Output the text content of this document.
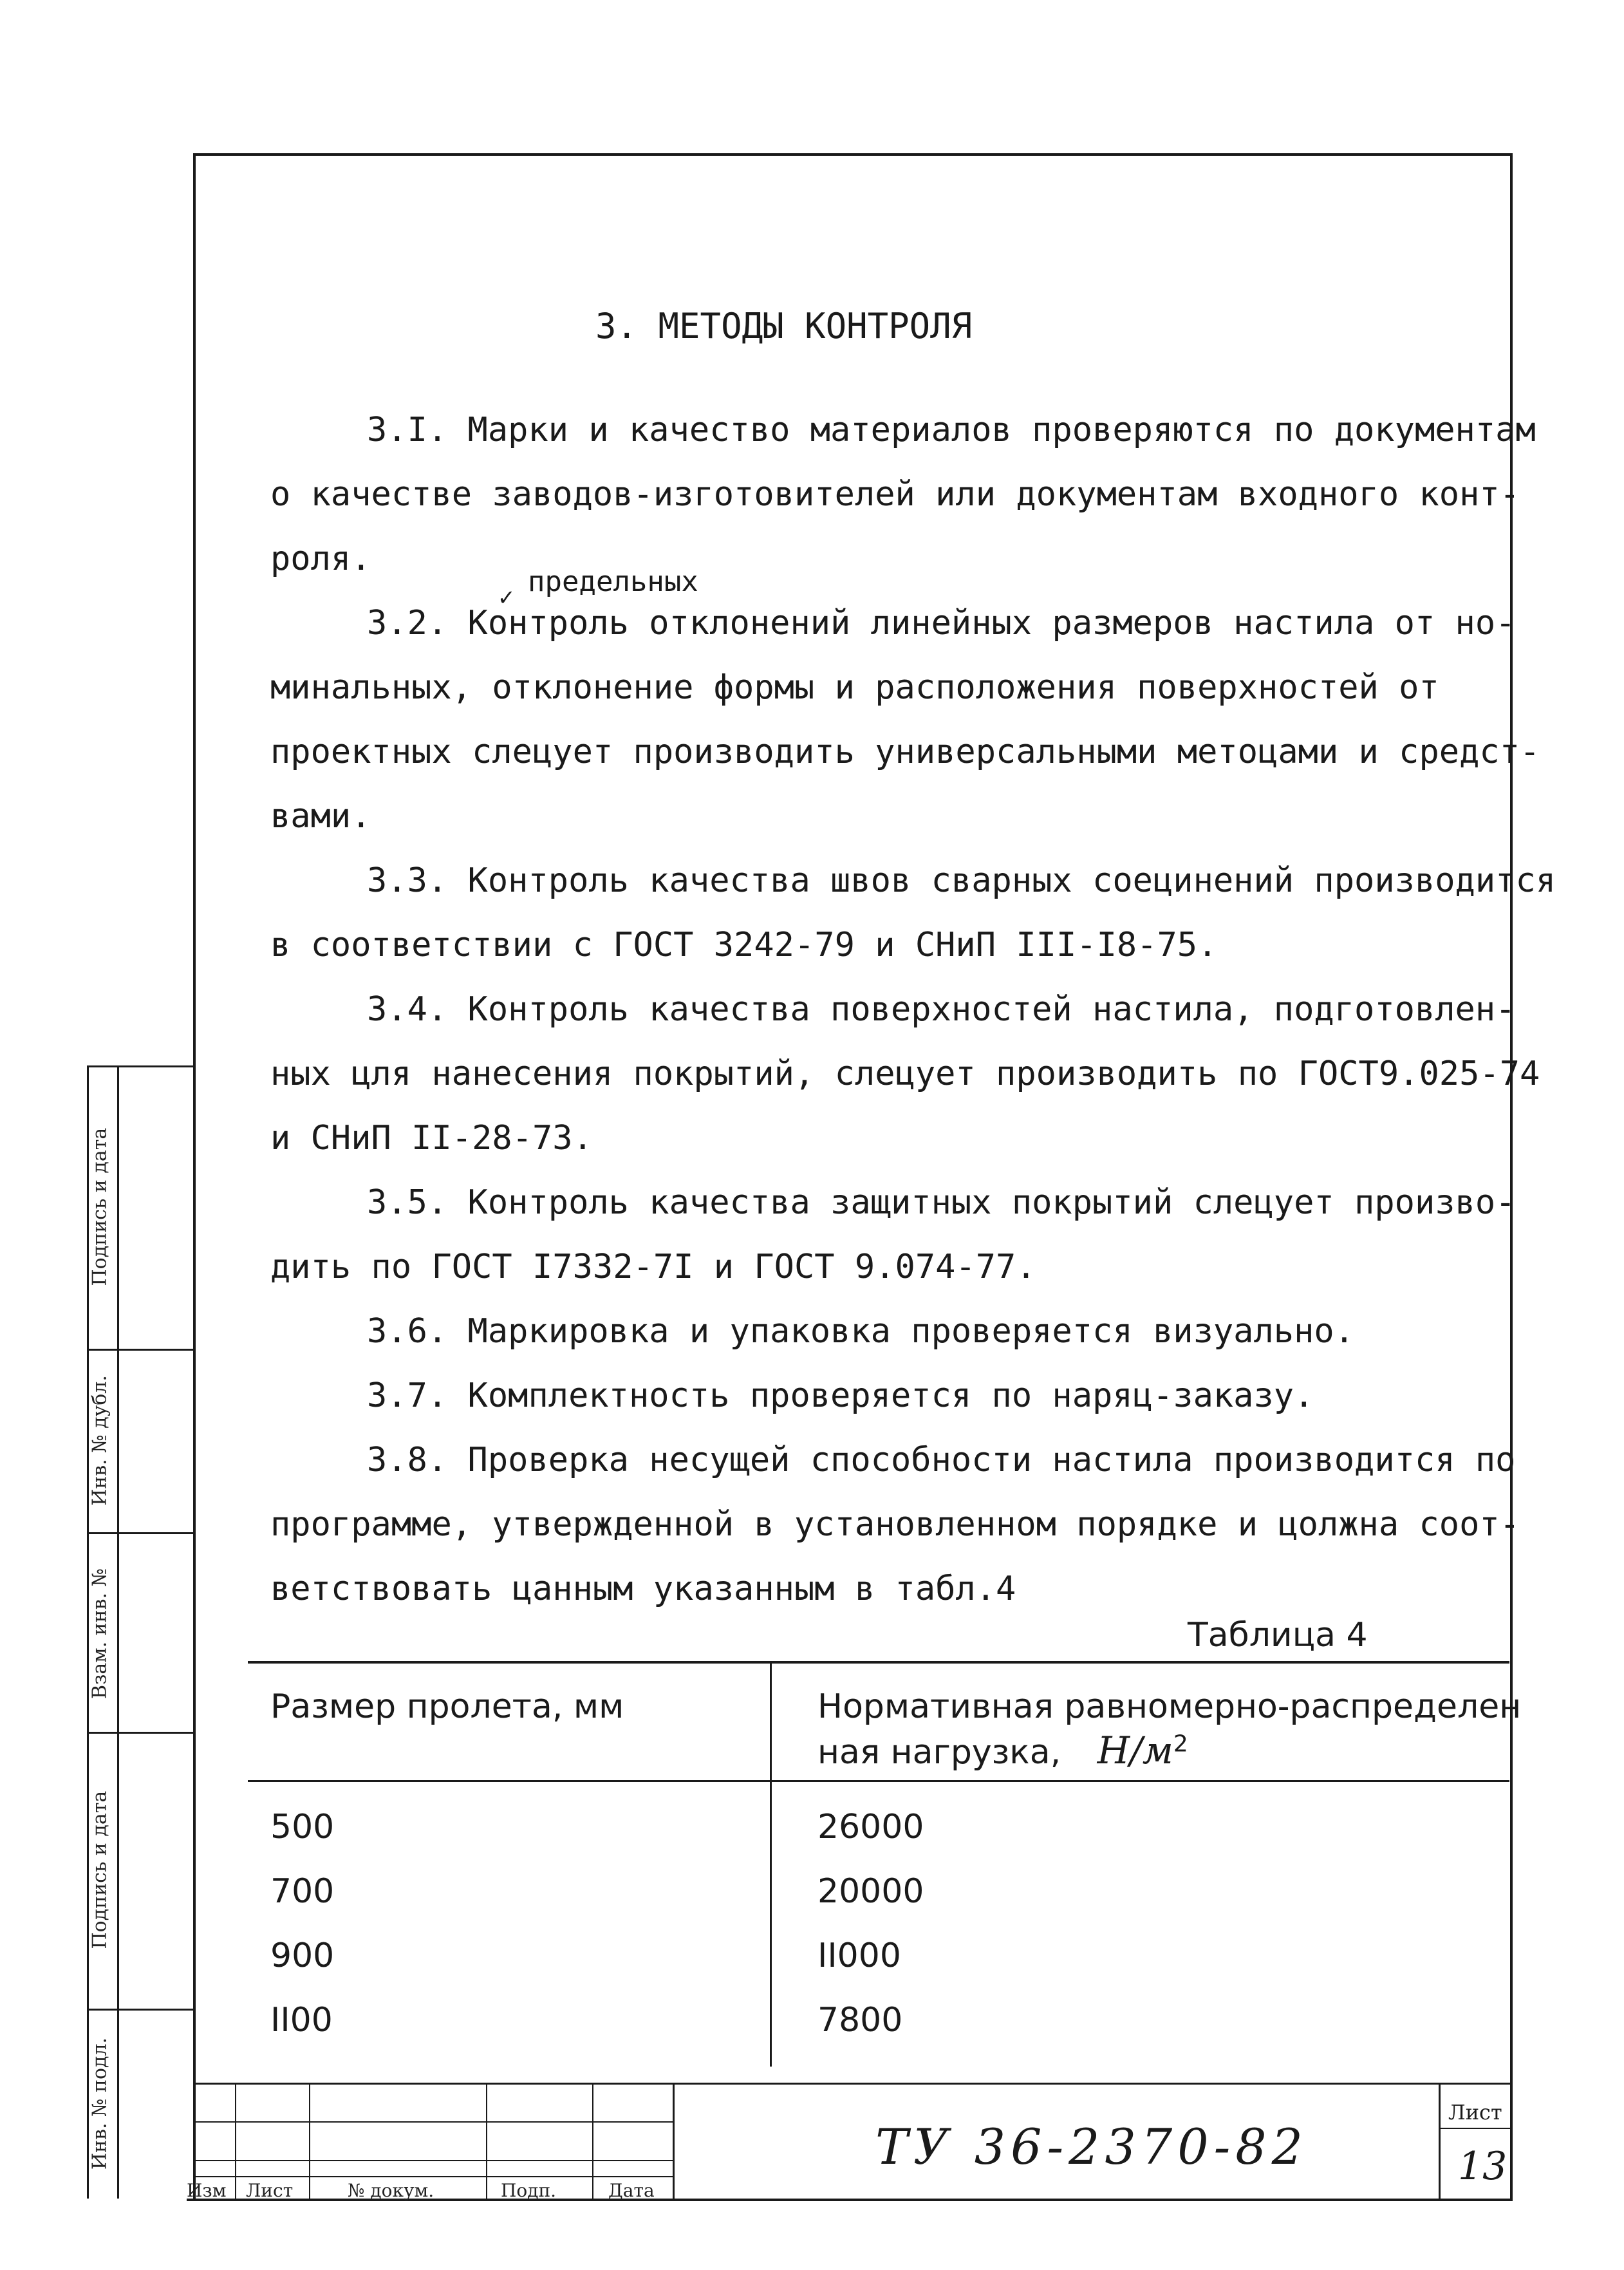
3. МЕТОДЫ КОНТРОЛЯ
3.I. Марки и качество материалов проверяются по документам
о качестве заводов-изготовителей или документам входного конт-
роля.
предельных
✓
3.2. Контроль отклонений линейных размеров настила от но-
минальных, отклонение формы и расположения поверхностей от
проектных слецует производить универсальными метоцами и средст-
вами.
3.3. Контроль качества швов сварных соецинений производится
в соответствии с ГОСТ 3242-79 и СНиП III-I8-75.
3.4. Контроль качества поверхностей настила, подготовлен-
ных цля нанесения покрытий, слецует производить по ГОСТ9.025-74
и СНиП II-28-73.
3.5. Контроль качества защитных покрытий слецует произво-
дить по ГОСТ I7332-7I и ГОСТ 9.074-77.
3.6. Маркировка и упаковка проверяется визуально.
3.7. Комплектность проверяется по наряц-заказу.
3.8. Проверка несущей способности настила производится по
программе, утвержденной в установленном порядке и цолжна соот-
ветствовать цанным указанным в табл.4
Таблица 4
Размер пролета, мм	Нормативная равномерно-распределен
ная нагрузка, $Н/м^2$
500	26000
700	20000
900	II000
II00	7800
Подпись и дата
Инв. № дубл.
Взам. инв. №
Подпись и дата
Инв. № подл.
Изм Лист	№ докум.	Подп.	Дата
ТУ 36-2370-82
Лист
13
